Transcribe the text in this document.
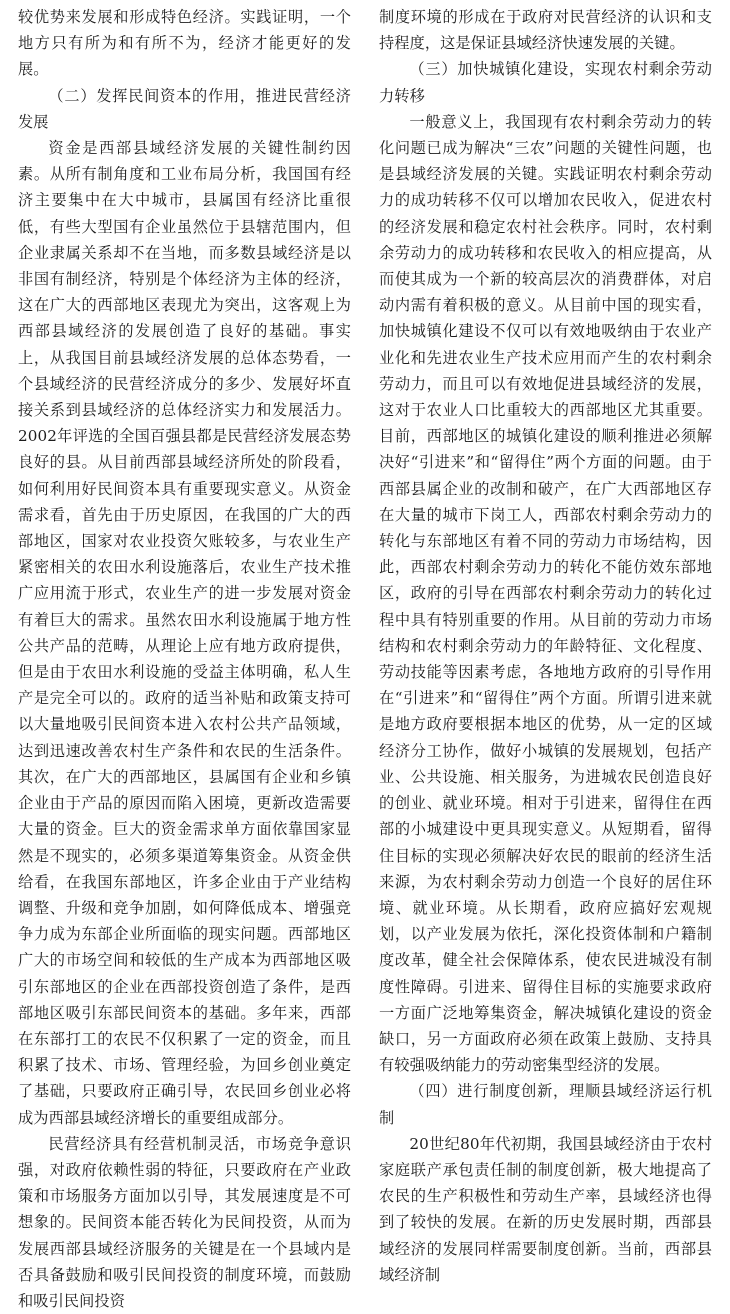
较优势来发展和形成特色经济。实践证明，一个地方只有所为和有所不为，经济才能更好的发展。

（二）发挥民间资本的作用，推进民营经济发展

资金是西部县域经济发展的关键性制约因素。从所有制角度和工业布局分析，我国国有经济主要集中在大中城市，县属国有经济比重很低，有些大型国有企业虽然位于县辖范围内，但企业隶属关系却不在当地，而多数县域经济是以非国有制经济，特别是个体经济为主体的经济，这在广大的西部地区表现尤为突出，这客观上为西部县域经济的发展创造了良好的基础。事实上，从我国目前县域经济发展的总体态势看，一个县域经济的民营经济成分的多少、发展好坏直接关系到县域经济的总体经济实力和发展活力。2002年评选的全国百强县都是民营经济发展态势良好的县。从目前西部县域经济所处的阶段看，如何利用好民间资本具有重要现实意义。从资金需求看，首先由于历史原因，在我国的广大的西部地区，国家对农业投资欠账较多，与农业生产紧密相关的农田水利设施落后，农业生产技术推广应用流于形式，农业生产的进一步发展对资金有着巨大的需求。虽然农田水利设施属于地方性公共产品的范畴，从理论上应有地方政府提供，但是由于农田水利设施的受益主体明确，私人生产是完全可以的。政府的适当补贴和政策支持可以大量地吸引民间资本进入农村公共产品领域，达到迅速改善农村生产条件和农民的生活条件。其次，在广大的西部地区，县属国有企业和乡镇企业由于产品的原因而陷入困境，更新改造需要大量的资金。巨大的资金需求单方面依靠国家显然是不现实的，必须多渠道筹集资金。从资金供给看，在我国东部地区，许多企业由于产业结构调整、升级和竞争加剧，如何降低成本、增强竞争力成为东部企业所面临的现实问题。西部地区广大的市场空间和较低的生产成本为西部地区吸引东部地区的企业在西部投资创造了条件，是西部地区吸引东部民间资本的基础。多年来，西部在东部打工的农民不仅积累了一定的资金，而且积累了技术、市场、管理经验，为回乡创业奠定了基础，只要政府正确引导，农民回乡创业必将成为西部县域经济增长的重要组成部分。

民营经济具有经营机制灵活，市场竞争意识强，对政府依赖性弱的特征，只要政府在产业政策和市场服务方面加以引导，其发展速度是不可想象的。民间资本能否转化为民间投资，从而为发展西部县域经济服务的关键是在一个县域内是否具备鼓励和吸引民间投资的制度环境，而鼓励和吸引民间投资

制度环境的形成在于政府对民营经济的认识和支持程度，这是保证县域经济快速发展的关键。

（三）加快城镇化建设，实现农村剩余劳动力转移

一般意义上，我国现有农村剩余劳动力的转化问题已成为解决“三农”问题的关键性问题，也是县域经济发展的关键。实践证明农村剩余劳动力的成功转移不仅可以增加农民收入，促进农村的经济发展和稳定农村社会秩序。同时，农村剩余劳动力的成功转移和农民收入的相应提高，从而使其成为一个新的较高层次的消费群体，对启动内需有着积极的意义。从目前中国的现实看，加快城镇化建设不仅可以有效地吸纳由于农业产业化和先进农业生产技术应用而产生的农村剩余劳动力，而且可以有效地促进县域经济的发展，这对于农业人口比重较大的西部地区尤其重要。目前，西部地区的城镇化建设的顺利推进必须解决好“引进来”和“留得住”两个方面的问题。由于西部县属企业的改制和破产，在广大西部地区存在大量的城市下岗工人，西部农村剩余劳动力的转化与东部地区有着不同的劳动力市场结构，因此，西部农村剩余劳动力的转化不能仿效东部地区，政府的引导在西部农村剩余劳动力的转化过程中具有特别重要的作用。从目前的劳动力市场结构和农村剩余劳动力的年龄特征、文化程度、劳动技能等因素考虑，各地地方政府的引导作用在“引进来”和“留得住”两个方面。所谓引进来就是地方政府要根据本地区的优势，从一定的区域经济分工协作，做好小城镇的发展规划，包括产业、公共设施、相关服务，为进城农民创造良好的创业、就业环境。相对于引进来，留得住在西部的小城建设中更具现实意义。从短期看，留得住目标的实现必须解决好农民的眼前的经济生活来源，为农村剩余劳动力创造一个良好的居住环境、就业环境。从长期看，政府应搞好宏观规划，以产业发展为依托，深化投资体制和户籍制度改革，健全社会保障体系，使农民进城没有制度性障碍。引进来、留得住目标的实施要求政府一方面广泛地筹集资金，解决城镇化建设的资金缺口，另一方面政府必须在政策上鼓励、支持具有较强吸纳能力的劳动密集型经济的发展。

（四）进行制度创新，理顺县域经济运行机制

20世纪80年代初期，我国县域经济由于农村家庭联产承包责任制的制度创新，极大地提高了农民的生产积极性和劳动生产率，县域经济也得到了较快的发展。在新的历史发展时期，西部县域经济的发展同样需要制度创新。当前，西部县域经济制
